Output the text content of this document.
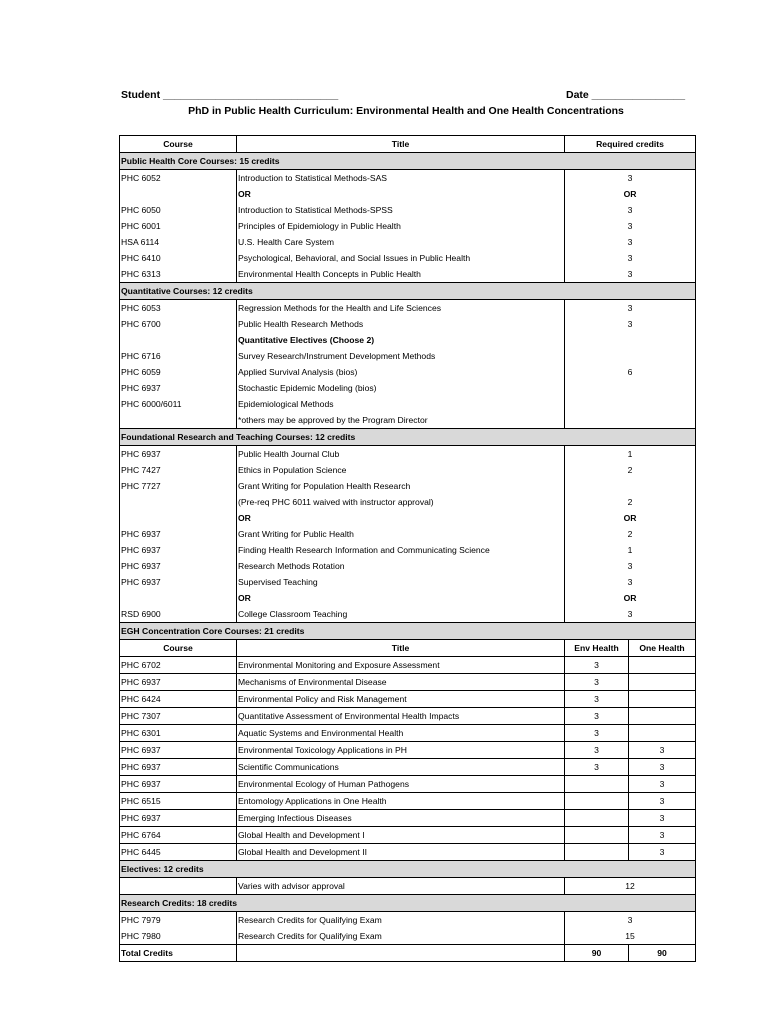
Student ______________________________	Date ________________
PhD in Public Health Curriculum: Environmental Health and One Health Concentrations
Course	Title	Required credits	
Public Health Core Courses: 15 credits			
PHC 6052	Introduction to Statistical Methods-SAS	3	
	OR	OR	
PHC 6050	Introduction to Statistical Methods-SPSS	3	
PHC 6001	Principles of Epidemiology in Public Health	3	
HSA 6114	U.S. Health Care System	3	
PHC 6410	Psychological, Behavioral, and Social Issues in Public Health	3	
PHC 6313	Environmental Health Concepts in Public Health	3	
Quantitative Courses: 12 credits			
PHC 6053	Regression Methods for the Health and Life Sciences	3	
PHC 6700	Public Health Research Methods	3	
	Quantitative Electives (Choose 2)		
PHC 6716	Survey Research/Instrument Development Methods		
PHC 6059	Applied Survival Analysis (bios)	6	
PHC 6937	Stochastic Epidemic Modeling (bios)		
PHC 6000/6011	Epidemiological Methods		
	*others may be approved by the Program Director		
Foundational Research and Teaching Courses: 12 credits			
PHC 6937	Public Health Journal Club	1	
PHC 7427	Ethics in Population Science	2	
PHC 7727	Grant Writing for Population Health Research		
	(Pre-req PHC 6011 waived with instructor approval)	2	
	OR	OR	
PHC 6937	Grant Writing for Public Health	2	
PHC 6937	Finding Health Research Information and Communicating Science	1	
PHC 6937	Research Methods Rotation	3	
PHC 6937	Supervised Teaching	3	
	OR	OR	
RSD 6900	College Classroom Teaching	3	
EGH Concentration Core Courses: 21 credits			
Course	Title	Env Health	One Health
PHC 6702	Environmental Monitoring and Exposure Assessment	3	
PHC 6937	Mechanisms of Environmental Disease	3	
PHC 6424	Environmental Policy and Risk Management	3	
PHC 7307	Quantitative Assessment of Environmental Health Impacts	3	
PHC 6301	Aquatic Systems and Environmental Health	3	
PHC 6937	Environmental Toxicology Applications in PH	3	3
PHC 6937	Scientific Communications	3	3
PHC 6937	Environmental Ecology of Human Pathogens		3
PHC 6515	Entomology Applications in One Health		3
PHC 6937	Emerging Infectious Diseases		3
PHC 6764	Global Health and Development I		3
PHC 6445	Global Health and Development II		3
Electives: 12 credits			
	Varies with advisor approval	12	
Research Credits: 18 credits			
PHC 7979	Research Credits for Qualifying Exam	3	
PHC 7980	Research Credits for Qualifying Exam	15	
Total Credits		90	90
